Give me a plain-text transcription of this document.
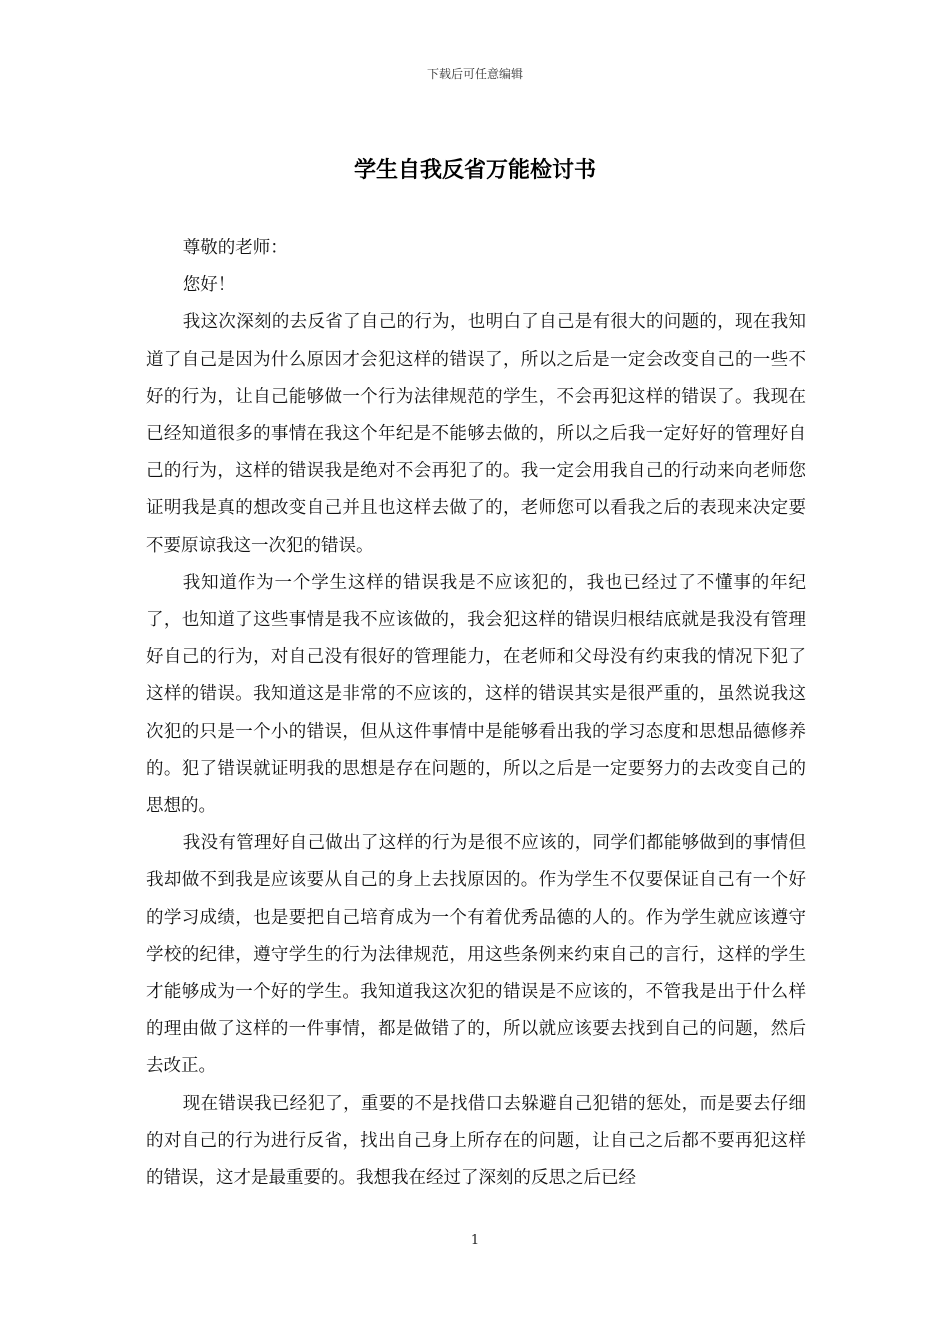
下载后可任意编辑
学生自我反省万能检讨书

尊敬的老师：

您好！

我这次深刻的去反省了自己的行为，也明白了自己是有很大的问题的，现在我知道了自己是因为什么原因才会犯这样的错误了，所以之后是一定会改变自己的一些不好的行为，让自己能够做一个行为法律规范的学生，不会再犯这样的错误了。我现在已经知道很多的事情在我这个年纪是不能够去做的，所以之后我一定好好的管理好自己的行为，这样的错误我是绝对不会再犯了的。我一定会用我自己的行动来向老师您证明我是真的想改变自己并且也这样去做了的，老师您可以看我之后的表现来决定要不要原谅我这一次犯的错误。

我知道作为一个学生这样的错误我是不应该犯的，我也已经过了不懂事的年纪了，也知道了这些事情是我不应该做的，我会犯这样的错误归根结底就是我没有管理好自己的行为，对自己没有很好的管理能力，在老师和父母没有约束我的情况下犯了这样的错误。我知道这是非常的不应该的，这样的错误其实是很严重的，虽然说我这次犯的只是一个小的错误，但从这件事情中是能够看出我的学习态度和思想品德修养的。犯了错误就证明我的思想是存在问题的，所以之后是一定要努力的去改变自己的思想的。

我没有管理好自己做出了这样的行为是很不应该的，同学们都能够做到的事情但我却做不到我是应该要从自己的身上去找原因的。作为学生不仅要保证自己有一个好的学习成绩，也是要把自己培育成为一个有着优秀品德的人的。作为学生就应该遵守学校的纪律，遵守学生的行为法律规范，用这些条例来约束自己的言行，这样的学生才能够成为一个好的学生。我知道我这次犯的错误是不应该的，不管我是出于什么样的理由做了这样的一件事情，都是做错了的，所以就应该要去找到自己的问题，然后去改正。

现在错误我已经犯了，重要的不是找借口去躲避自己犯错的惩处，而是要去仔细的对自己的行为进行反省，找出自己身上所存在的问题，让自己之后都不要再犯这样的错误，这才是最重要的。我想我在经过了深刻的反思之后已经

1
